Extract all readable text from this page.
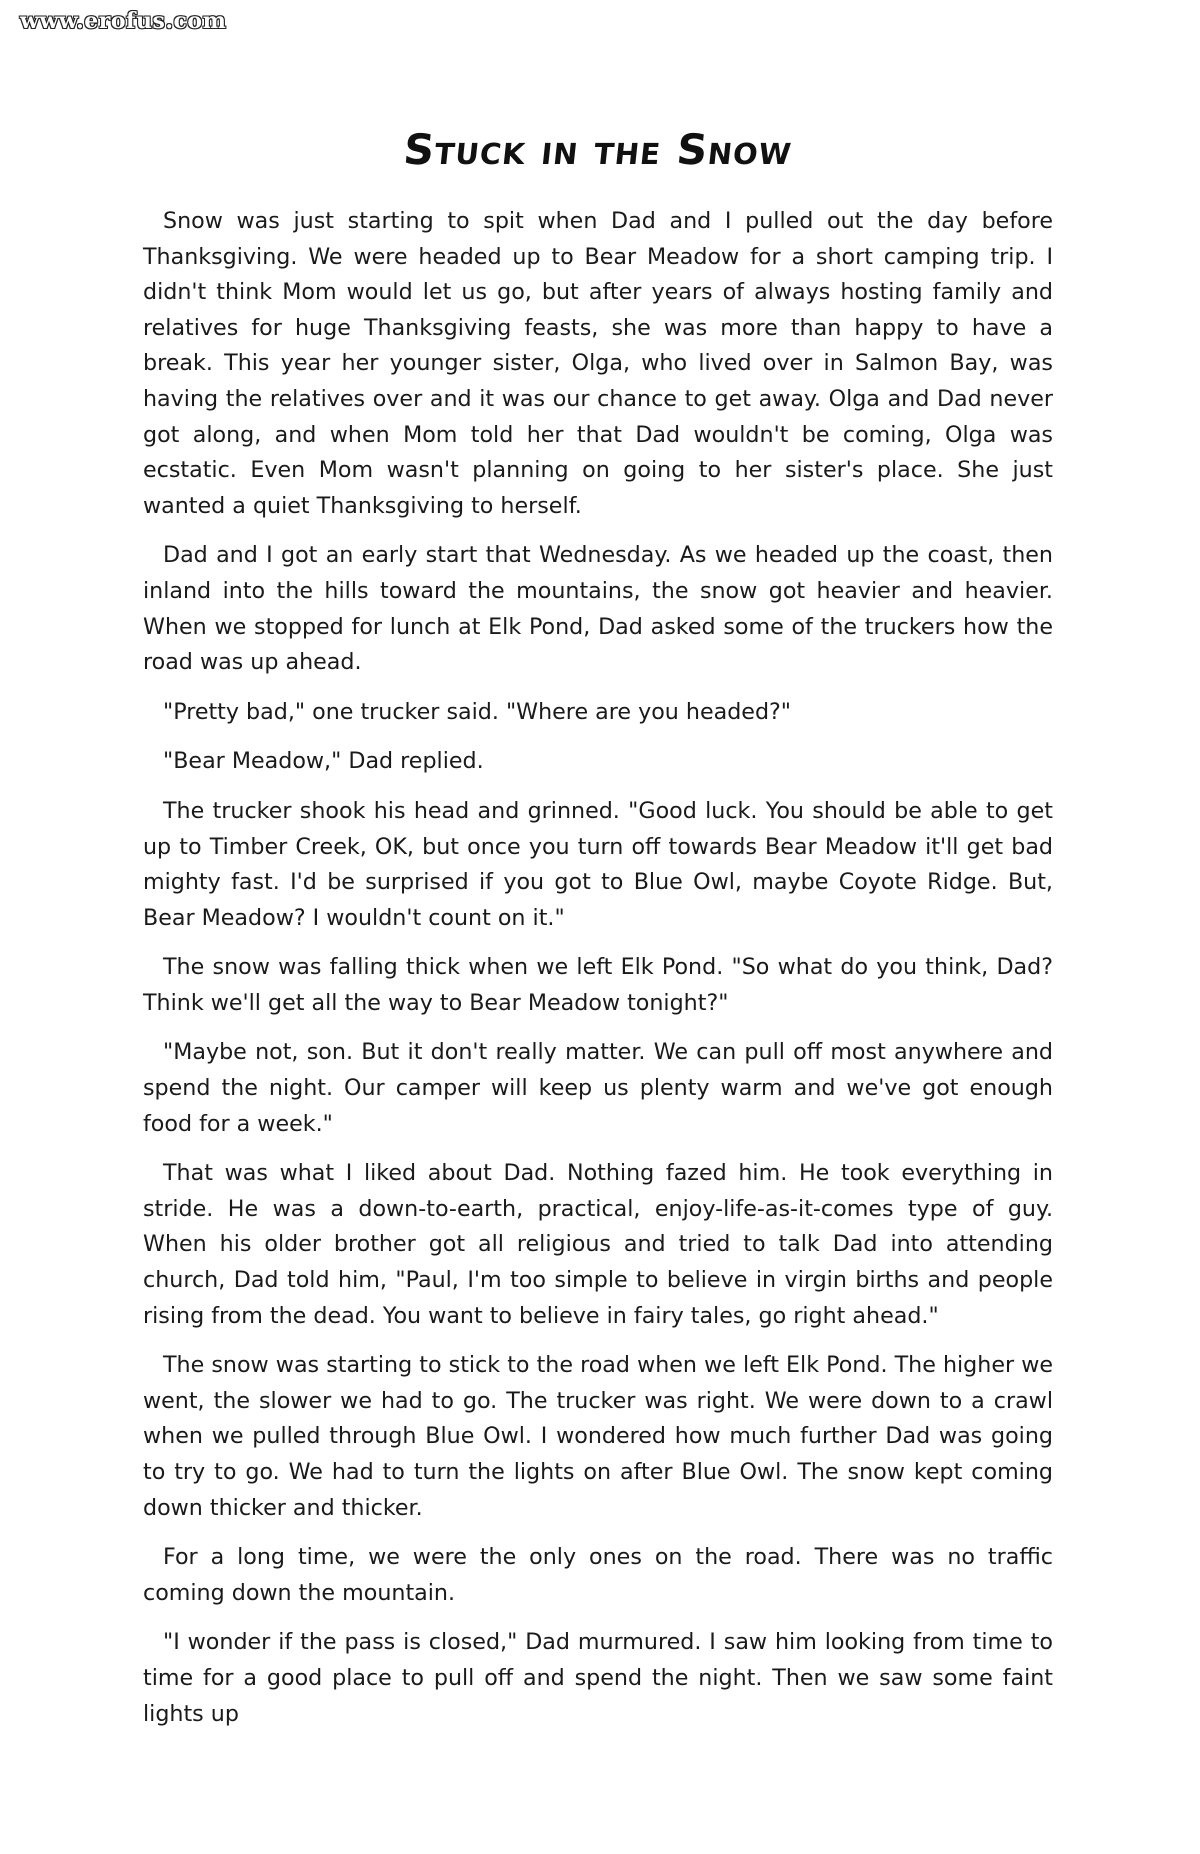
www.erofus.com
Stuck in the Snow

Snow was just starting to spit when Dad and I pulled out the day before Thanksgiving. We were headed up to Bear Meadow for a short camping trip. I didn't think Mom would let us go, but after years of always hosting family and relatives for huge Thanksgiving feasts, she was more than happy to have a break. This year her younger sister, Olga, who lived over in Salmon Bay, was having the relatives over and it was our chance to get away. Olga and Dad never got along, and when Mom told her that Dad wouldn't be coming, Olga was ecstatic. Even Mom wasn't planning on going to her sister's place. She just wanted a quiet Thanksgiving to herself.

Dad and I got an early start that Wednesday. As we headed up the coast, then inland into the hills toward the mountains, the snow got heavier and heavier. When we stopped for lunch at Elk Pond, Dad asked some of the truckers how the road was up ahead.

"Pretty bad," one trucker said. "Where are you headed?"

"Bear Meadow," Dad replied.

The trucker shook his head and grinned. "Good luck. You should be able to get up to Timber Creek, OK, but once you turn off towards Bear Meadow it'll get bad mighty fast. I'd be surprised if you got to Blue Owl, maybe Coyote Ridge. But, Bear Meadow? I wouldn't count on it."

The snow was falling thick when we left Elk Pond. "So what do you think, Dad? Think we'll get all the way to Bear Meadow tonight?"

"Maybe not, son. But it don't really matter. We can pull off most anywhere and spend the night. Our camper will keep us plenty warm and we've got enough food for a week."

That was what I liked about Dad. Nothing fazed him. He took everything in stride. He was a down-to-earth, practical, enjoy-life-as-it-comes type of guy. When his older brother got all religious and tried to talk Dad into attending church, Dad told him, "Paul, I'm too simple to believe in virgin births and people rising from the dead. You want to believe in fairy tales, go right ahead."

The snow was starting to stick to the road when we left Elk Pond. The higher we went, the slower we had to go. The trucker was right. We were down to a crawl when we pulled through Blue Owl. I wondered how much further Dad was going to try to go. We had to turn the lights on after Blue Owl. The snow kept coming down thicker and thicker.

For a long time, we were the only ones on the road. There was no traffic coming down the mountain.

"I wonder if the pass is closed," Dad murmured. I saw him looking from time to time for a good place to pull off and spend the night. Then we saw some faint lights up
